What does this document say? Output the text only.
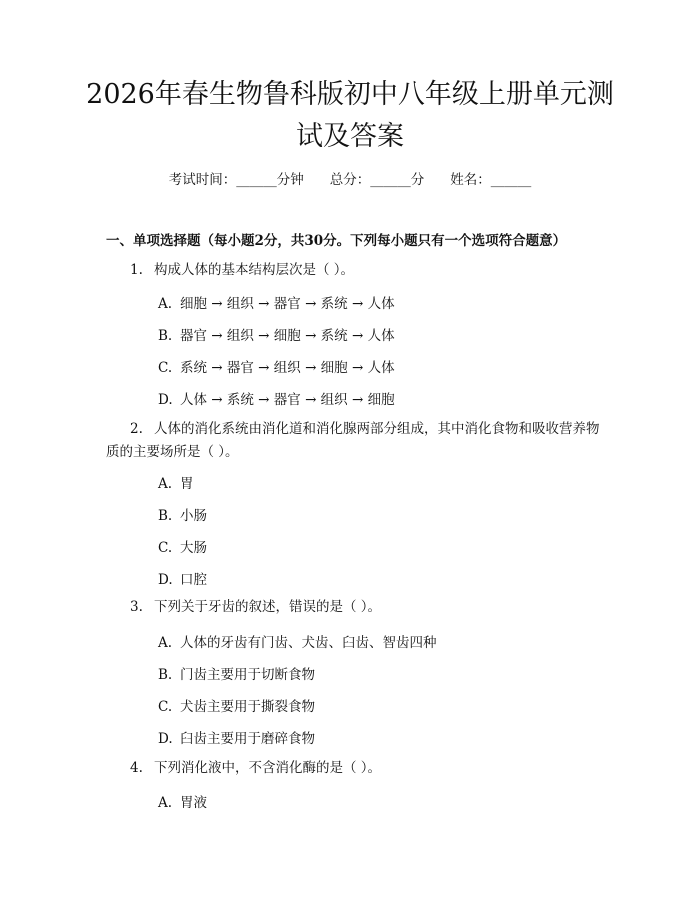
2026年春生物鲁科版初中八年级上册单元测试及答案
考试时间：______分钟 总分：______分 姓名：______
一、单项选择题（每小题2分，共30分。下列每小题只有一个选项符合题意）
1. 构成人体的基本结构层次是（ ）。
A. 细胞 → 组织 → 器官 → 系统 → 人体
B. 器官 → 组织 → 细胞 → 系统 → 人体
C. 系统 → 器官 → 组织 → 细胞 → 人体
D. 人体 → 系统 → 器官 → 组织 → 细胞
2. 人体的消化系统由消化道和消化腺两部分组成，其中消化食物和吸收营养物质的主要场所是（ ）。
A. 胃
B. 小肠
C. 大肠
D. 口腔
3. 下列关于牙齿的叙述，错误的是（ ）。
A. 人体的牙齿有门齿、犬齿、臼齿、智齿四种
B. 门齿主要用于切断食物
C. 犬齿主要用于撕裂食物
D. 臼齿主要用于磨碎食物
4. 下列消化液中，不含消化酶的是（ ）。
A. 胃液
